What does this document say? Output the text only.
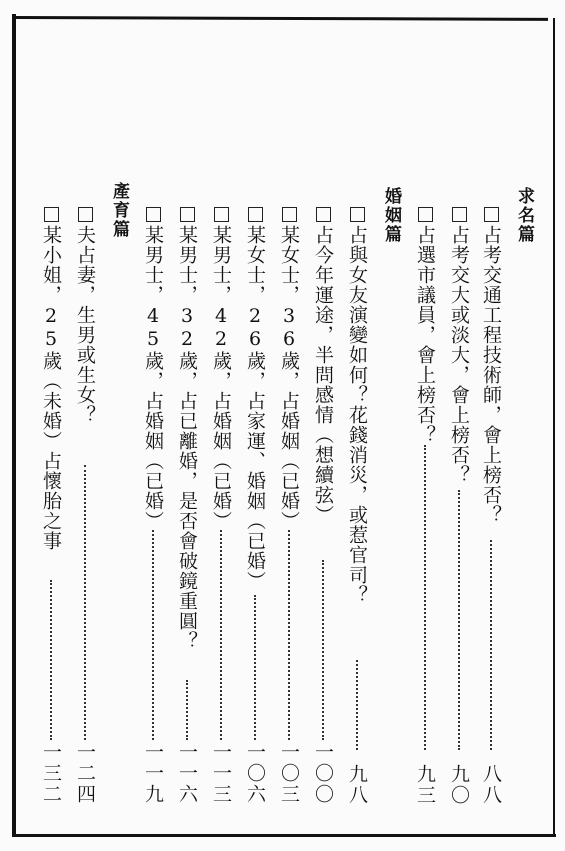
求名篇
占考交通工程技術師，會上榜否？
八八
占考交大或淡大，會上榜否？
九〇
占選市議員，會上榜否？
九三
婚姻篇
占與女友演變如何？花錢消災，或惹官司？
九八
占今年運途，半問感情（想續弦）
一〇〇
某女士，36歲，占婚姻（已婚）
一〇三
某女士，26歲，占家運、婚姻（已婚）
一〇六
某男士，42歲，占婚姻（已婚）
一一三
某男士，32歲，占已離婚，是否會破鏡重圓？
一一六
某男士，45歲，占婚姻（已婚）
一一九
產育篇
夫占妻，生男或生女？
一二四
某小姐，25歲（未婚）占懷胎之事
一三二
